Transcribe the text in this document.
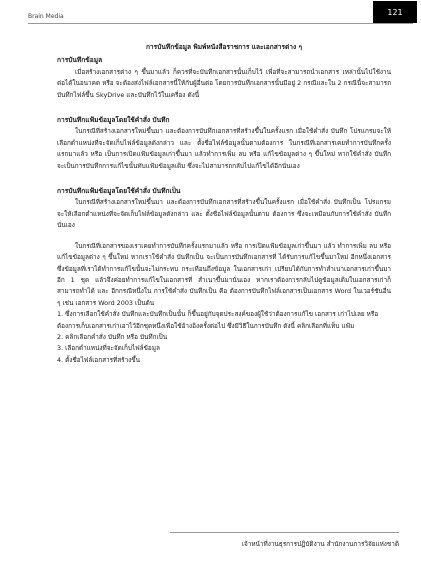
Brain Media	121
การบันทึกข้อมูล พิมพ์หนังสือราชการ และเอกสารต่าง ๆ
การบันทึกข้อมูล
เมื่อสร้างเอกสารต่าง ๆ ขึ้นมาแล้ว ก็ควรที่จะบันทึกเอกสารนั้นเก็บไว้ เพื่อที่จะสามารถนำเอกสาร เหล่านั้นไปใช้งานต่อได้ในอนาคต หรือ จะต้องส่งไฟล์เอกสารนี้ให้กับผู้อื่นต่อ โดยการบันทึกเอกสารนั้นมีอยู่ 2 กรณีและใน 2 กรณีนี้จะสามารถบันทึกไฟล์ขึ้น SkyDrive และบันทึกไว้ในเครื่อง ดังนี้
การบันทึกแฟ้มข้อมูลโดยใช้คำสั่ง บันทึก
ในกรณีที่สร้างเอกสารใหม่ขึ้นมา และต้องการบันทึกเอกสารที่สร้างขึ้นในครั้งแรก เมื่อใช้คำสั่ง บันทึก โปรแกรมจะให้เลือกตำแหน่งที่จะจัดเก็บไฟล์ข้อมูลดังกล่าว และ ตั้งชื่อไฟล์ข้อมูลนั้นตามต้องการ ในกรณีที่เอกสารเคยทำการบันทึกครั้งแรกมาแล้ว หรือ เป็นการเปิดแฟ้มข้อมูลเก่าขึ้นมา แล้วทำการเพิ่ม ลบ หรือ แก้ไขข้อมูลต่าง ๆ ขึ้นใหม่ หากใช้คำสั่ง บันทึก จะเป็นการบันทึกการแก้ไขนั้นทับแฟ้มข้อมูลเดิม ซึ่งจะไม่สามารถกลับไปแก้ไขได้อีกนั่นเอง
การบันทึกแฟ้มข้อมูลโดยใช้คำสั่ง บันทึกเป็น
ในกรณีที่สร้างเอกสารใหม่ขึ้นมา และต้องการบันทึกเอกสารที่สร้างขึ้นในครั้งแรก เมื่อใช้คำสั่ง บันทึกเป็น โปรแกรมจะให้เลือกตำแหน่งที่จะจัดเก็บไฟล์ข้อมูลดังกล่าว และ ตั้งชื่อไฟล์ข้อมูลนั้นตาม ต้องการ ซึ่งจะเหมือนกับการใช้คำสั่ง บันทึก นั่นเอง
ในกรณีที่เอกสารของเราเคยทำการบันทึกครั้งแรกมาแล้ว หรือ การเปิดแฟ้มข้อมูลเก่าขึ้นมา แล้ว ทำการเพิ่ม ลบ หรือ แก้ไขข้อมูลต่าง ๆ ขึ้นใหม่ หากเราใช้คำสั่ง บันทึกเป็น จะเป็นการบันทึกเอกสารที่ ได้รับการแก้ไขขึ้นมาใหม่ อีกหนึ่งเอกสาร ซึ่งข้อมูลที่เราได้ทำการแก้ไขนั้นจะไม่กระทบ กระเทือนถึงข้อมูล ในเอกสารเก่า เปรียบได้กับการทำสำเนาเอกสารเก่าขึ้นมาอีก 1 ชุด แล้วจึงค่อยทำการแก้ไขในเอกสารที่ สำเนาขึ้นมานั่นเอง หากเราต้องการกลับไปดูข้อมูลเดิมในเอกสารเก่าก็สามารถทำได้ และ อีกกรณีหนึ่งใน การใช้คำสั่ง บันทึกเป็น คือ ต้องการบันทึกไฟล์เอกสารเป็นเอกสาร Word ในเวอร์ชันอื่น ๆ เช่น เอกสาร Word 2003 เป็นต้น
1. ซึ่งการเลือกใช้คำสั่ง บันทึกและบันทึกเป็นนั้น ก็ขึ้นอยู่กับจุดประสงค์ของผู้ใช้ว่าต้องการแก้ไข เอกสาร เก่าไปเลย หรือต้องการเก็บเอกสารเก่าเอาไว้อีกชุดหนึ่งเพื่อใช้อ้างอิงครั้งต่อไป ซึ่งมีวิธีในการบันทึก ดังนี้ คลิกเลือกที่แท็บ แฟ้ม
2. คลิกเลือกคำสั่ง บันทึก หรือ บันทึกเป็น
3. เลือกตำแหน่งที่จะจัดเก็บไฟล์ข้อมูล
4. ตั้งชื่อไฟล์เอกสารที่สร้างขึ้น
เจ้าหน้าที่งานธุรการปฏิบัติงาน สำนักงานการวิจัยแห่งชาติ
